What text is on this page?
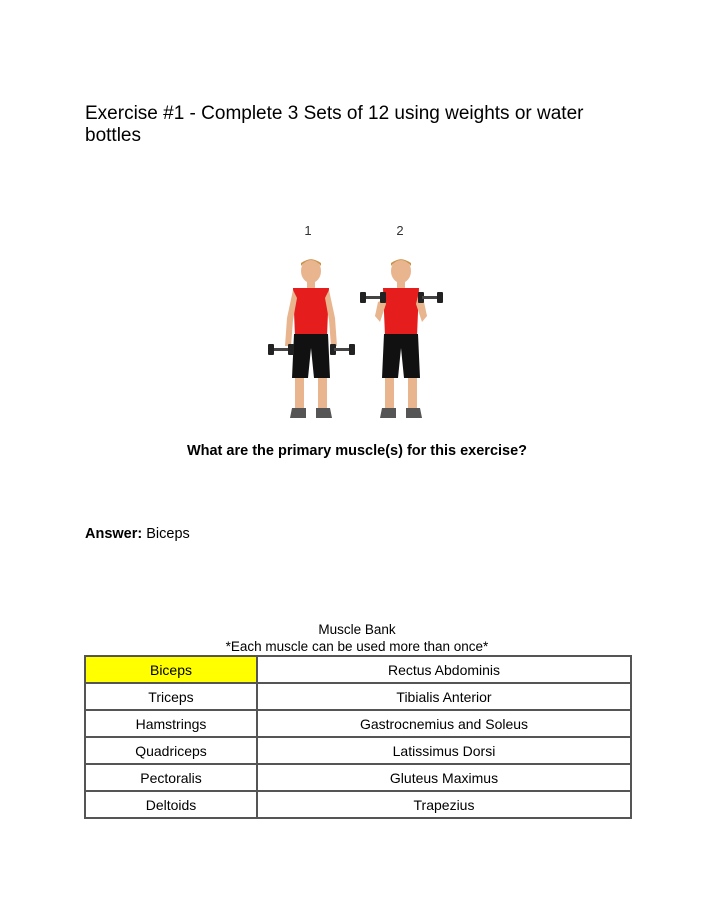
Exercise #1 - Complete 3 Sets of 12 using weights or water bottles
1	2
What are the primary muscle(s) for this exercise?
Answer: Biceps
Muscle Bank
*Each muscle can be used more than once*
Biceps	Rectus Abdominis
Triceps	Tibialis Anterior
Hamstrings	Gastrocnemius and Soleus
Quadriceps	Latissimus Dorsi
Pectoralis	Gluteus Maximus
Deltoids	Trapezius
